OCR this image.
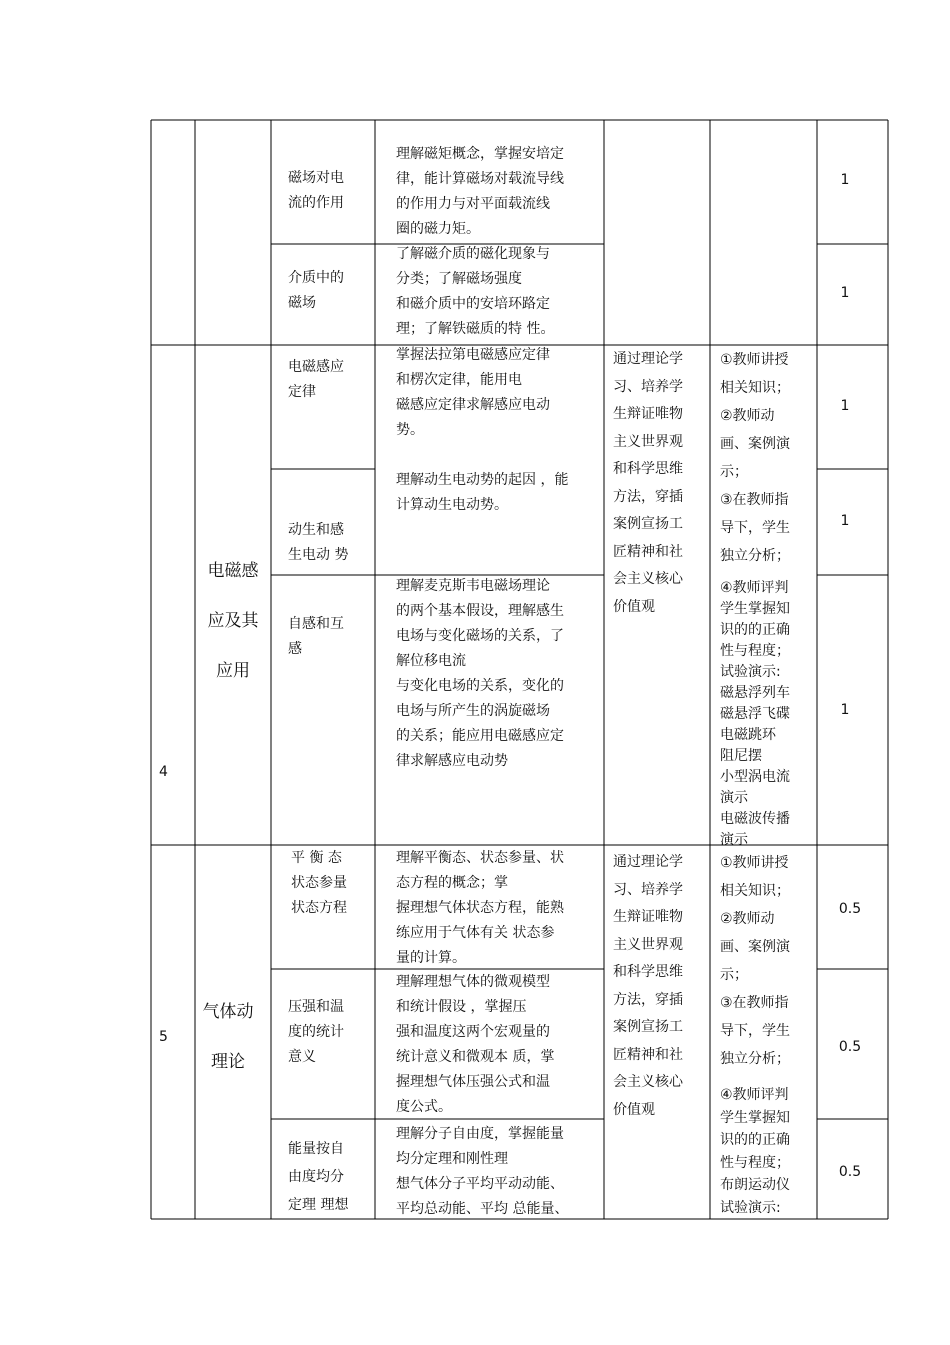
磁场对电
流的作用
理解磁矩概念，掌握安培定
律，能计算磁场对载流导线
的作用力与对平面载流线
圈的磁力矩。
1
介质中的
磁场
了解磁介质的磁化现象与
分类；了解磁场强度
和磁介质中的安培环路定
理；了解铁磁质的特 性。
1
4
电磁感
应及其
应用
通过理论学
习、培养学
生辩证唯物
主义世界观
和科学思维
方法，穿插
案例宣扬工
匠精神和社
会主义核心
价值观
①教师讲授
相关知识；
②教师动
画、案例演
示；
③在教师指
导下，学生
独立分析；
④教师评判
学生掌握知
识的的正确
性与程度；
试验演示:
磁悬浮列车
磁悬浮飞碟
电磁跳环
阻尼摆
小型涡电流
演示
电磁波传播
演示
电磁感应
定律
掌握法拉第电磁感应定律
和楞次定律，能用电
磁感应定律求解感应电动
势。
1
动生和感
生电动 势
理解动生电动势的起因 ，能
计算动生电动势。
1
自感和互
感
理解麦克斯韦电磁场理论
的两个基本假设，理解感生
电场与变化磁场的关系，了
解位移电流
与变化电场的关系，变化的
电场与所产生的涡旋磁场
的关系；能应用电磁感应定
律求解感应电动势
1
5
气体动
理论
通过理论学
习、培养学
生辩证唯物
主义世界观
和科学思维
方法，穿插
案例宣扬工
匠精神和社
会主义核心
价值观
①教师讲授
相关知识；
②教师动
画、案例演
示；
③在教师指
导下，学生
独立分析；
④教师评判
学生掌握知
识的的正确
性与程度；
布朗运动仪
试验演示:
平 衡 态
状态参量
状态方程
理解平衡态、状态参量、状
态方程的概念；掌
握理想气体状态方程，能熟
练应用于气体有关 状态参
量的计算。
0.5
压强和温
度的统计
意义
理解理想气体的微观模型
和统计假设 ，掌握压
强和温度这两个宏观量的
统计意义和微观本 质，掌
握理想气体压强公式和温
度公式。
0.5
能量按自
由度均分
定理 理想
理解分子自由度，掌握能量
均分定理和刚性理
想气体分子平均平动动能、
平均总动能、平均 总能量、
0.5
